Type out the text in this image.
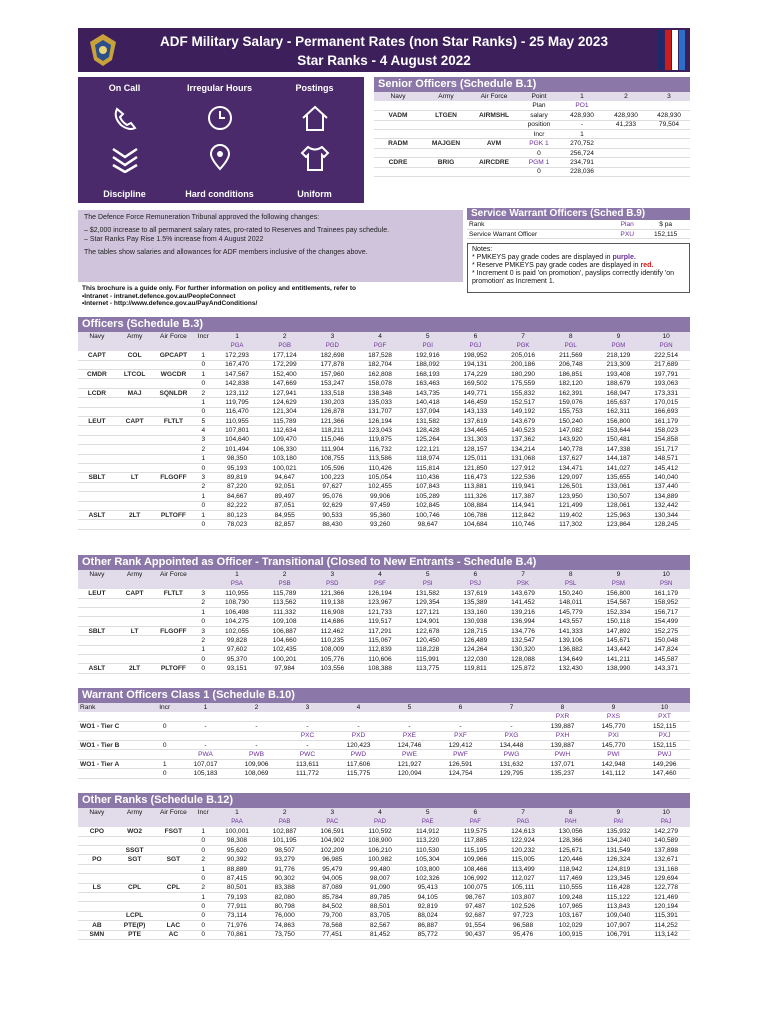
ADF Military Salary - Permanent Rates (non Star Ranks) - 25 May 2023
Star Ranks - 4 August 2022
On Call	Irregular Hours	Postings
Discipline	Hard conditions	Uniform

The Defence Force Remuneration Tribunal approved the following changes:

– $2,000 increase to all permanent salary rates, pro-rated to Reserves and Trainees pay schedule.

– Star Ranks Pay Rise 1.5% increase from 4 August 2022

The tables show salaries and allowances for ADF members inclusive of the changes above.

This brochure is a guide only. For further information on policy and entitlements, refer to
•Intranet - intranet.defence.gov.au/PeopleConnect
•Internet - http://www.defence.gov.au/PayAndConditions/
Senior Officers (Schedule B.1)
Navy	Army	Air Force	Point	1	2	3
			Plan	PO1		
VADM	LTGEN	AIRMSHL	salary	428,930	428,930	428,930
			position	-	41,233	79,504
			Incr	1		
RADM	MAJGEN	AVM	PGK 1	270,752		
			0	256,724		
CDRE	BRIG	AIRCDRE	PGM 1	234,791		
			0	228,036		
Service Warrant Officers (Sched B.9)
Rank	Plan	$ pa
Service Warrant Officer	PXU	152,115
Notes:
* PMKEYS pay grade codes are displayed in purple.
* Reserve PMKEYS pay grade codes are displayed in red.
* Increment 0 is paid 'on promotion', payslips correctly identify 'on promotion' as Increment 1.
Officers (Schedule B.3)
Navy	Army	Air Force	Incr	1	2	3	4	5	6	7	8	9	10
				PGA	PGB	PGD	PGF	PGI	PGJ	PGK	PGL	PGM	PGN
CAPT	COL	GPCAPT	1	172,293	177,124	182,698	187,528	192,916	198,952	205,016	211,569	218,129	222,514
			0	167,470	172,299	177,878	182,704	188,092	194,131	200,186	206,748	213,309	217,689
CMDR	LTCOL	WGCDR	1	147,567	152,400	157,960	162,808	168,193	174,229	180,290	186,851	193,408	197,791
			0	142,838	147,669	153,247	158,078	163,463	169,502	175,559	182,120	188,679	193,063
LCDR	MAJ	SQNLDR	2	123,112	127,941	133,518	138,348	143,735	149,771	155,832	162,391	168,947	173,331
			1	119,795	124,629	130,203	135,033	140,418	146,459	152,517	159,076	165,637	170,015
			0	116,470	121,304	126,878	131,707	137,094	143,133	149,192	155,753	162,311	166,693
LEUT	CAPT	FLTLT	5	110,955	115,789	121,366	126,194	131,582	137,619	143,679	150,240	156,800	161,179
			4	107,801	112,634	118,211	123,043	128,428	134,465	140,523	147,082	153,644	158,023
			3	104,640	109,470	115,046	119,875	125,264	131,303	137,362	143,920	150,481	154,858
			2	101,494	106,330	111,904	116,732	122,121	128,157	134,214	140,778	147,338	151,717
			1	98,350	103,180	108,755	113,586	118,974	125,011	131,068	137,627	144,187	148,571
			0	95,193	100,021	105,596	110,426	115,814	121,850	127,912	134,471	141,027	145,412
SBLT	LT	FLGOFF	3	89,819	94,647	100,223	105,054	110,436	116,473	122,536	129,097	135,655	140,040
			2	87,220	92,051	97,627	102,455	107,843	113,881	119,941	126,501	133,061	137,440
			1	84,667	89,497	95,076	99,906	105,289	111,326	117,387	123,950	130,507	134,889
			0	82,222	87,051	92,629	97,459	102,845	108,884	114,941	121,499	128,061	132,442
ASLT	2LT	PLTOFF	1	80,123	84,955	90,533	95,360	100,746	106,786	112,842	119,402	125,963	130,344
			0	78,023	82,857	88,430	93,260	98,647	104,684	110,746	117,302	123,864	128,245
Other Rank Appointed as Officer - Transitional (Closed to New Entrants - Schedule B.4)
Navy	Army	Air Force		1	2	3	4	5	6	7	8	9	10
				PSA	PSB	PSD	PSF	PSI	PSJ	PSK	PSL	PSM	PSN
LEUT	CAPT	FLTLT	3	110,955	115,789	121,366	126,194	131,582	137,619	143,679	150,240	156,800	161,179
			2	108,730	113,562	119,138	123,967	129,354	135,389	141,452	148,011	154,567	158,952
			1	106,498	111,332	116,908	121,733	127,121	133,160	139,216	145,779	152,334	156,717
			0	104,275	109,108	114,686	119,517	124,901	130,938	136,994	143,557	150,118	154,499
SBLT	LT	FLGOFF	3	102,055	106,887	112,462	117,291	122,678	128,715	134,776	141,333	147,892	152,275
			2	99,828	104,660	110,235	115,067	120,450	126,489	132,547	139,106	145,671	150,048
			1	97,602	102,435	108,009	112,839	118,228	124,264	130,320	136,882	143,442	147,824
			0	95,370	100,201	105,776	110,606	115,991	122,030	128,088	134,649	141,211	145,587
ASLT	2LT	PLTOFF	0	93,151	97,984	103,556	108,388	113,775	119,811	125,872	132,430	138,990	143,371
Warrant Officers Class 1 (Schedule B.10)
Rank	Incr	1	2	3	4	5	6	7	8	9	10
									PXR	PXS	PXT
WO1 - Tier C	0	-	-	-	-	-	-	-	139,887	145,770	152,115
				PXC	PXD	PXE	PXF	PXG	PXH	PXI	PXJ
WO1 - Tier B	0	-	-	-	120,423	124,746	129,412	134,448	139,887	145,770	152,115
		PWA	PWB	PWC	PWD	PWE	PWF	PWG	PWH	PWI	PWJ
WO1 - Tier A	1	107,017	109,906	113,611	117,606	121,927	126,591	131,632	137,071	142,948	149,296
	0	105,183	108,069	111,772	115,775	120,094	124,754	129,795	135,237	141,112	147,460
Other Ranks (Schedule B.12)
Navy	Army	Air Force	Incr	1	2	3	4	5	6	7	8	9	10
				PAA	PAB	PAC	PAD	PAE	PAF	PAG	PAH	PAI	PAJ
CPO	WO2	FSGT	1	100,001	102,887	106,591	110,592	114,912	119,575	124,613	130,056	135,932	142,279
			0	98,308	101,195	104,902	108,900	113,220	117,885	122,924	128,366	134,240	140,589
	SSGT		0	95,620	98,507	102,209	106,210	110,530	115,195	120,232	125,671	131,549	137,898
PO	SGT	SGT	2	90,392	93,279	96,985	100,982	105,304	109,966	115,005	120,446	126,324	132,671
			1	88,889	91,776	95,479	99,480	103,800	108,466	113,499	118,942	124,819	131,168
			0	87,415	90,302	94,005	98,007	102,326	106,992	112,027	117,469	123,345	129,694
LS	CPL	CPL	2	80,501	83,388	87,089	91,090	95,413	100,075	105,111	110,555	116,428	122,778
			1	79,193	82,080	85,784	89,785	94,105	98,767	103,807	109,248	115,122	121,469
			0	77,911	80,798	84,502	88,501	92,819	97,487	102,526	107,965	113,843	120,194
	LCPL		0	73,114	76,000	79,700	83,705	88,024	92,687	97,723	103,167	109,040	115,391
AB	PTE(P)	LAC	0	71,976	74,863	78,568	82,567	86,887	91,554	96,588	102,029	107,907	114,252
SMN	PTE	AC	0	70,861	73,750	77,451	81,452	85,772	90,437	95,476	100,915	106,791	113,142
